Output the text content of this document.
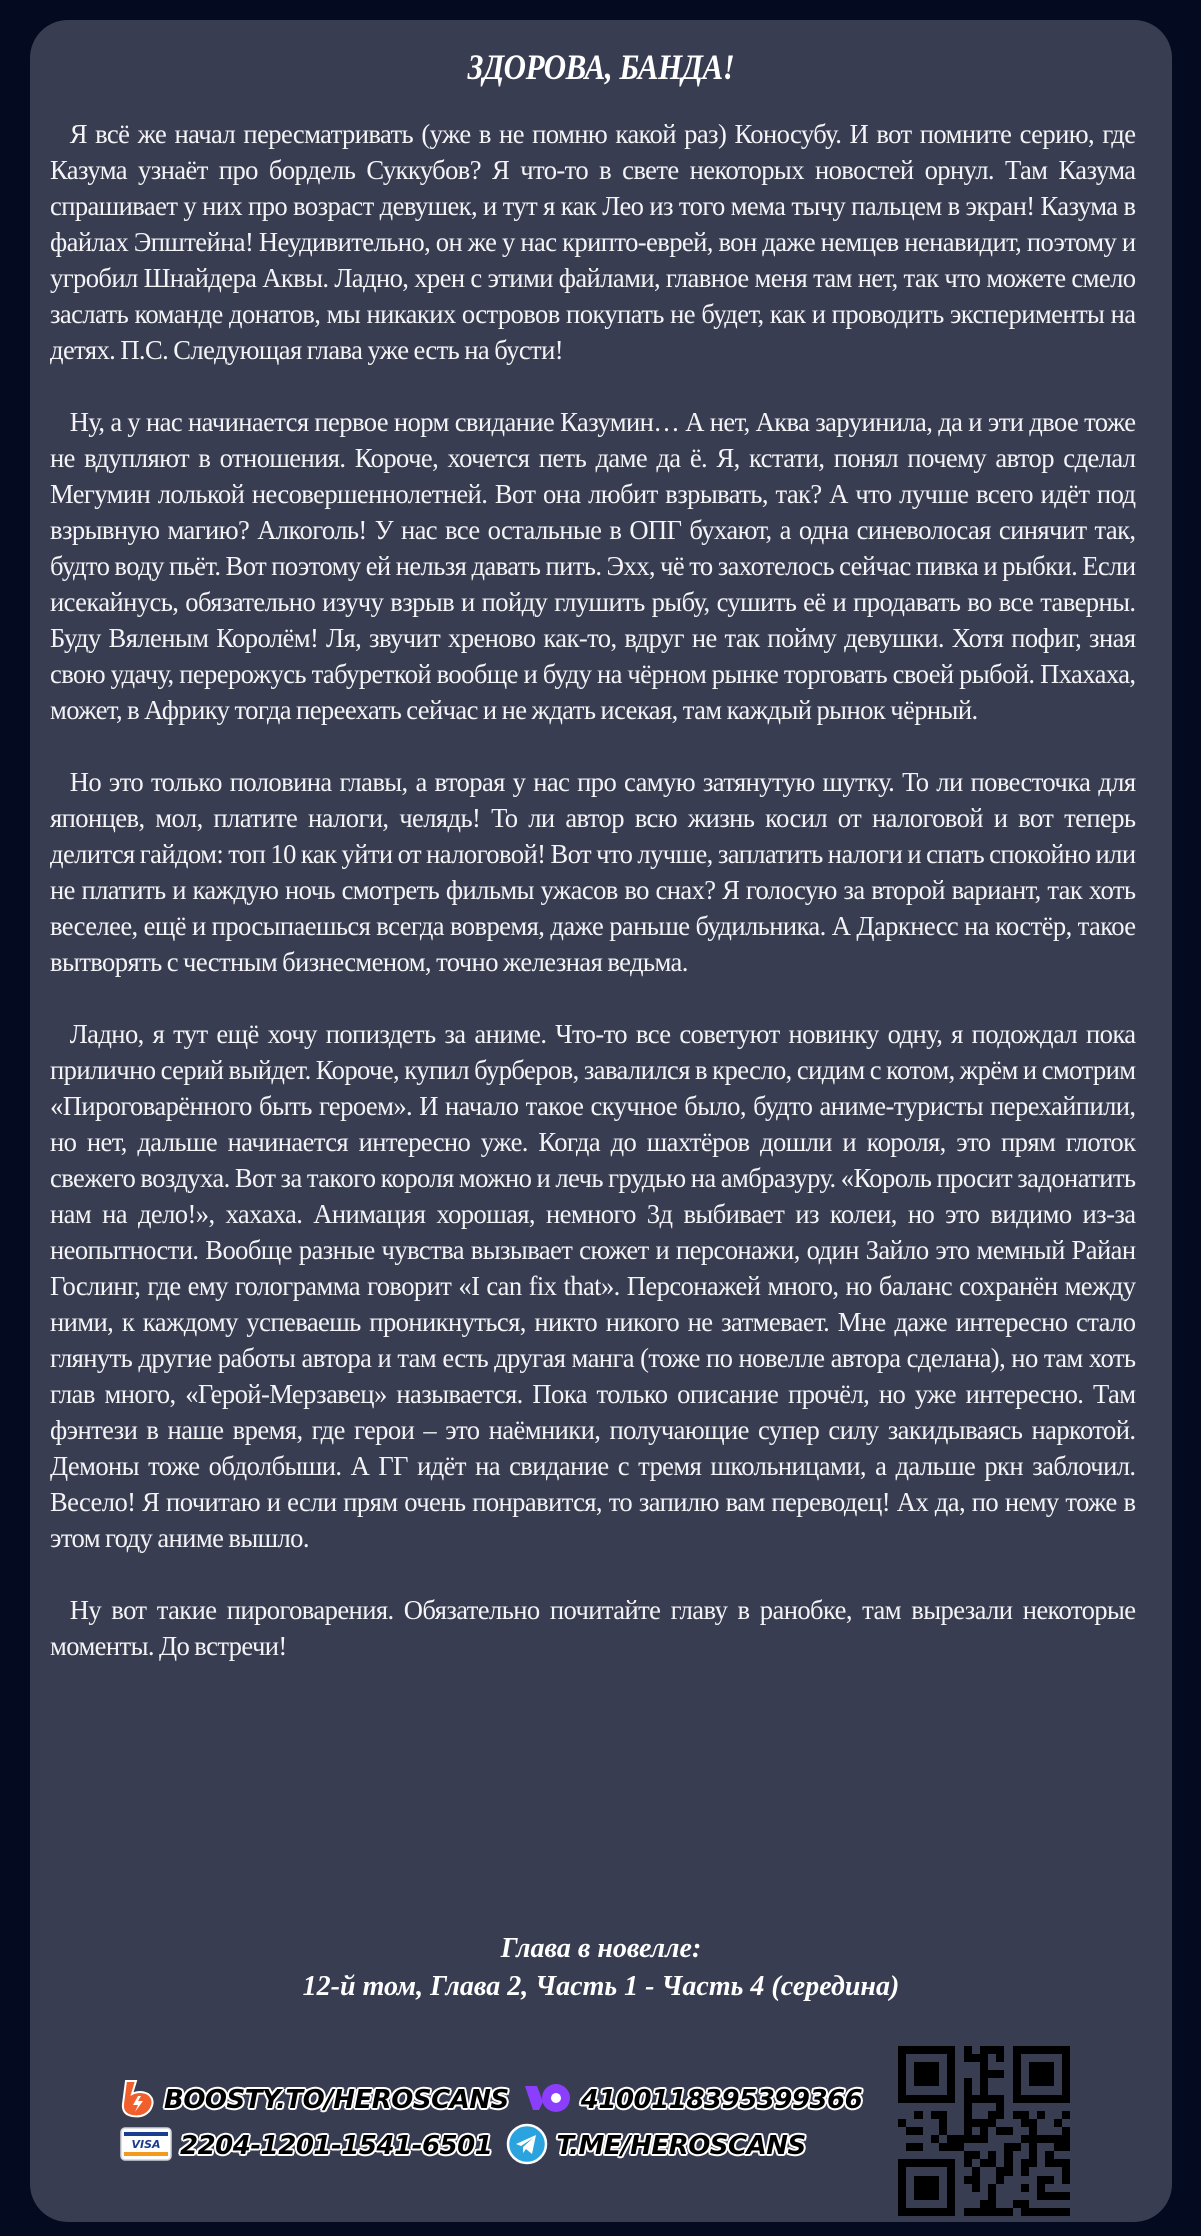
ЗДОРОВА, БАНДА!

Я всё же начал пересматривать (уже в не помню какой раз) Коносубу. И вот помните серию, где Казума узнаёт про бордель Суккубов? Я что-то в свете некоторых новостей орнул. Там Казума спрашивает у них про возраст девушек, и тут я как Лео из того мема тычу пальцем в экран! Казума в файлах Эпштейна! Неудивительно, он же у нас крипто-еврей, вон даже немцев ненавидит, поэтому и угробил Шнайдера Аквы. Ладно, хрен с этими файлами, главное меня там нет, так что можете смело заслать команде донатов, мы никаких островов покупать не будет, как и проводить эксперименты на детях. П.С. Следующая глава уже есть на бусти!

Ну, а у нас начинается первое норм свидание Казумин… А нет, Аква заруинила, да и эти двое тоже не вдупляют в отношения. Короче, хочется петь даме да ё. Я, кстати, понял почему автор сделал Мегумин лолькой несовершеннолетней. Вот она любит взрывать, так? А что лучше всего идёт под взрывную магию? Алкоголь! У нас все остальные в ОПГ бухают, а одна синеволосая синячит так, будто воду пьёт. Вот поэтому ей нельзя давать пить. Эхх, чё то захотелось сейчас пивка и рыбки. Если исекайнусь, обязательно изучу взрыв и пойду глушить рыбу, сушить её и продавать во все таверны. Буду Вяленым Королём! Ля, звучит хреново как-то, вдруг не так пойму девушки. Хотя пофиг, зная свою удачу, перерожусь табуреткой вообще и буду на чёрном рынке торговать своей рыбой. Пхахаха, может, в Африку тогда переехать сейчас и не ждать исекая, там каждый рынок чёрный.

Но это только половина главы, а вторая у нас про самую затянутую шутку. То ли повесточка для японцев, мол, платите налоги, челядь! То ли автор всю жизнь косил от налоговой и вот теперь делится гайдом: топ 10 как уйти от налоговой! Вот что лучше, заплатить налоги и спать спокойно или не платить и каждую ночь смотреть фильмы ужасов во снах? Я голосую за второй вариант, так хоть веселее, ещё и просыпаешься всегда вовремя, даже раньше будильника. А Даркнесс на костёр, такое вытворять с честным бизнесменом, точно железная ведьма.

Ладно, я тут ещё хочу попиздеть за аниме. Что-то все советуют новинку одну, я подождал пока прилично серий выйдет. Короче, купил бурберов, завалился в кресло, сидим с котом, жрём и смотрим «Пироговарённого быть героем». И начало такое скучное было, будто аниме-туристы перехайпили, но нет, дальше начинается интересно уже. Когда до шахтёров дошли и короля, это прям глоток свежего воздуха. Вот за такого короля можно и лечь грудью на амбразуру. «Король просит задонатить нам на дело!», хахаха. Анимация хорошая, немного 3д выбивает из колеи, но это видимо из-за неопытности. Вообще разные чувства вызывает сюжет и персонажи, один Зайло это мемный Райан Гослинг, где ему голограмма говорит «I can fix that». Персонажей много, но баланс сохранён между ними, к каждому успеваешь проникнуться, никто никого не затмевает. Мне даже интересно стало глянуть другие работы автора и там есть другая манга (тоже по новелле автора сделана), но там хоть глав много, «Герой-Мерзавец» называется. Пока только описание прочёл, но уже интересно. Там фэнтези в наше время, где герои – это наёмники, получающие супер силу закидываясь наркотой. Демоны тоже обдолбыши. А ГГ идёт на свидание с тремя школьницами, а дальше ркн заблочил. Весело! Я почитаю и если прям очень понравится, то запилю вам переводец! Ах да, по нему тоже в этом году аниме вышло.

Ну вот такие пироговарения. Обязательно почитайте главу в ранобке, там вырезали некоторые моменты. До встречи!

Глава в новелле:
12-й том, Глава 2, Часть 1 - Часть 4 (середина)
BOOSTY.TO/HEROSCANS	4100118395399366
VISA 2204-1201-1541-6501 T.ME/HEROSCANS
